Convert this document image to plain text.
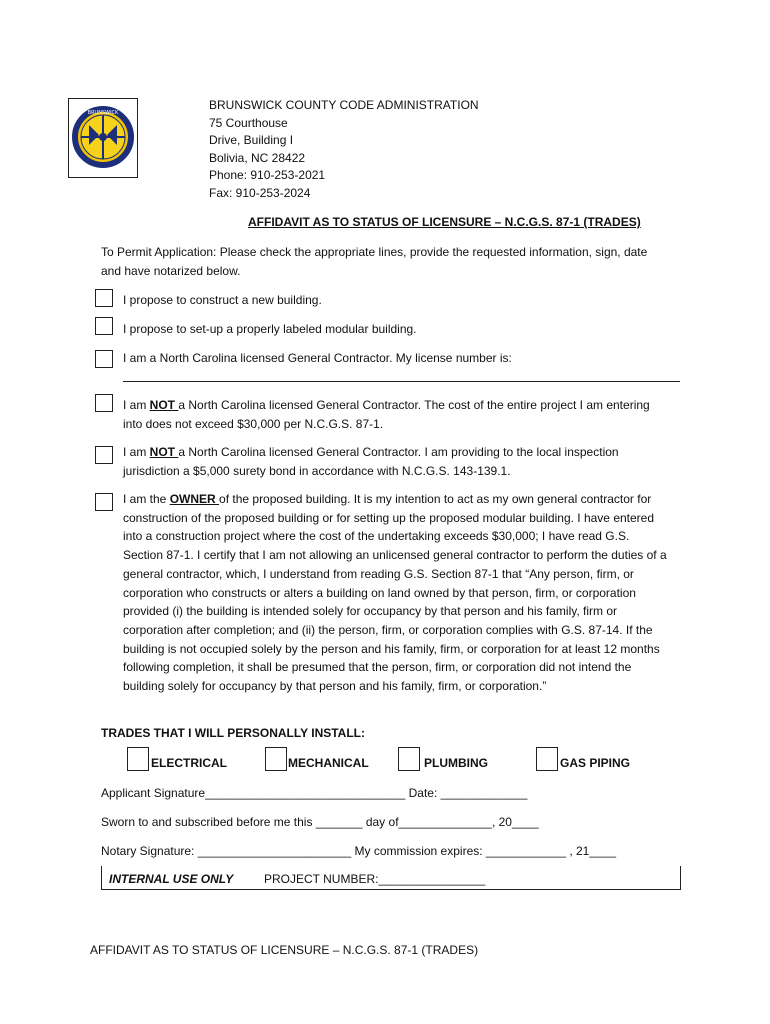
BRUNSWICK
BRUNSWICK COUNTY CODE ADMINISTRATION
75 Courthouse
Drive, Building I
Bolivia, NC 28422
Phone: 910-253-2021
Fax: 910-253-2024
AFFIDAVIT AS TO STATUS OF LICENSURE – N.C.G.S. 87-1 (TRADES)
To Permit Application: Please check the appropriate lines, provide the requested information, sign, date and have notarized below.
I propose to construct a new building.
I propose to set-up a properly labeled modular building.
I am a North Carolina licensed General Contractor. My license number is:
I am NOT a North Carolina licensed General Contractor. The cost of the entire project I am entering into does not exceed $30,000 per N.C.G.S. 87-1.
I am NOT a North Carolina licensed General Contractor. I am providing to the local inspection jurisdiction a $5,000 surety bond in accordance with N.C.G.S. 143-139.1.
I am the OWNER of the proposed building. It is my intention to act as my own general contractor for construction of the proposed building or for setting up the proposed modular building. I have entered into a construction project where the cost of the undertaking exceeds $30,000; I have read G.S. Section 87-1. I certify that I am not allowing an unlicensed general contractor to perform the duties of a general contractor, which, I understand from reading G.S. Section 87-1 that “Any person, firm, or corporation who constructs or alters a building on land owned by that person, firm, or corporation provided (i) the building is intended solely for occupancy by that person and his family, firm or corporation after completion; and (ii) the person, firm, or corporation complies with G.S. 87-14. If the building is not occupied solely by the person and his family, firm, or corporation for at least 12 months following completion, it shall be presumed that the person, firm, or corporation did not intend the building solely for occupancy by that person and his family, firm, or corporation.”
TRADES THAT I WILL PERSONALLY INSTALL:
ELECTRICAL	MECHANICAL	PLUMBING	GAS PIPING
Applicant Signature______________________________ Date: _____________
Sworn to and subscribed before me this _______ day of______________, 20____
Notary Signature: _______________________ My commission expires: ____________ , 21____
INTERNAL USE ONLY	PROJECT NUMBER:________________
AFFIDAVIT AS TO STATUS OF LICENSURE – N.C.G.S. 87-1 (TRADES)
